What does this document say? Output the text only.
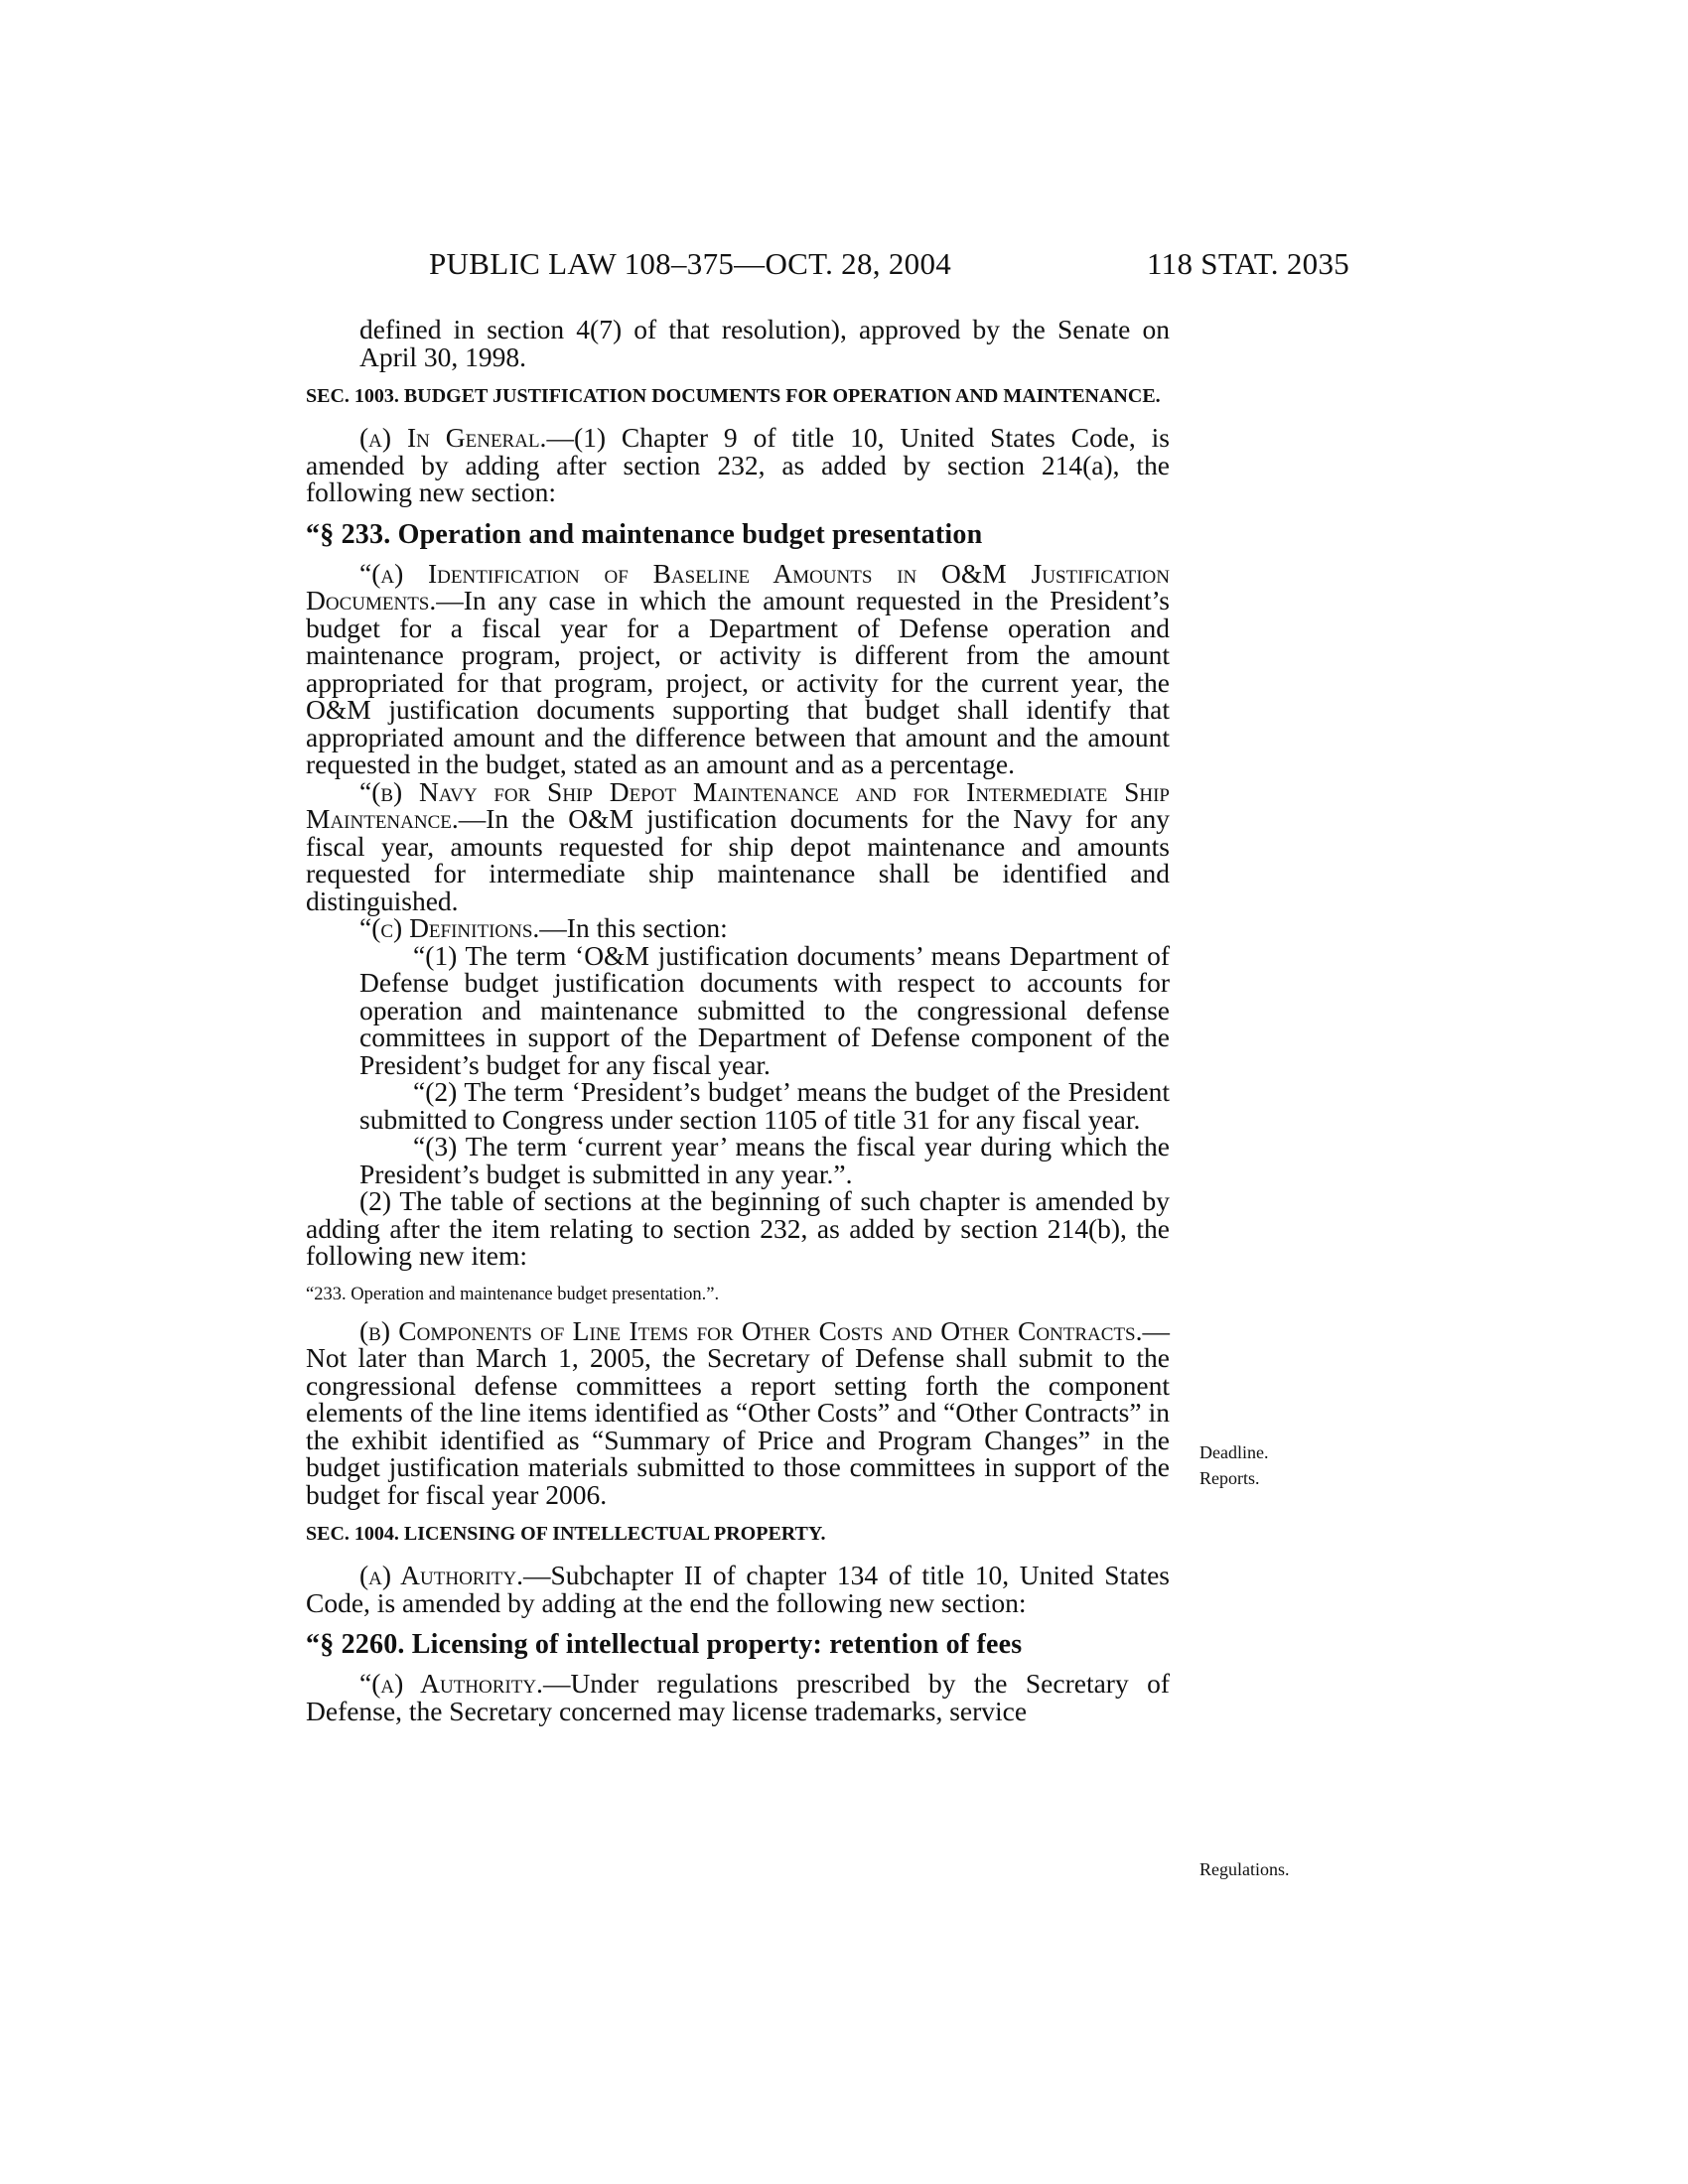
PUBLIC LAW 108–375—OCT. 28, 2004	118 STAT. 2035

defined in section 4(7) of that resolution), approved by the Senate on April 30, 1998.

SEC. 1003. BUDGET JUSTIFICATION DOCUMENTS FOR OPERATION AND MAINTENANCE.

(a) In General.—(1) Chapter 9 of title 10, United States Code, is amended by adding after section 232, as added by section 214(a), the following new section:

“§ 233. Operation and maintenance budget presentation

“(a) Identification of Baseline Amounts in O&M Justification Documents.—In any case in which the amount requested in the President’s budget for a fiscal year for a Department of Defense operation and maintenance program, project, or activity is different from the amount appropriated for that program, project, or activity for the current year, the O&M justification documents supporting that budget shall identify that appropriated amount and the difference between that amount and the amount requested in the budget, stated as an amount and as a percentage.

“(b) Navy for Ship Depot Maintenance and for Intermediate Ship Maintenance.—In the O&M justification documents for the Navy for any fiscal year, amounts requested for ship depot maintenance and amounts requested for intermediate ship maintenance shall be identified and distinguished.

“(c) Definitions.—In this section:

“(1) The term ‘O&M justification documents’ means Department of Defense budget justification documents with respect to accounts for operation and maintenance submitted to the congressional defense committees in support of the Department of Defense component of the President’s budget for any fiscal year.

“(2) The term ‘President’s budget’ means the budget of the President submitted to Congress under section 1105 of title 31 for any fiscal year.

“(3) The term ‘current year’ means the fiscal year during which the President’s budget is submitted in any year.”.

(2) The table of sections at the beginning of such chapter is amended by adding after the item relating to section 232, as added by section 214(b), the following new item:

“233. Operation and maintenance budget presentation.”.

(b) Components of Line Items for Other Costs and Other Contracts.—Not later than March 1, 2005, the Secretary of Defense shall submit to the congressional defense committees a report setting forth the component elements of the line items identified as “Other Costs” and “Other Contracts” in the exhibit identified as “Summary of Price and Program Changes” in the budget justification materials submitted to those committees in support of the budget for fiscal year 2006.

SEC. 1004. LICENSING OF INTELLECTUAL PROPERTY.

(a) Authority.—Subchapter II of chapter 134 of title 10, United States Code, is amended by adding at the end the following new section:

“§ 2260. Licensing of intellectual property: retention of fees

“(a) Authority.—Under regulations prescribed by the Secretary of Defense, the Secretary concerned may license trademarks, service

Deadline.
Reports.
Regulations.
